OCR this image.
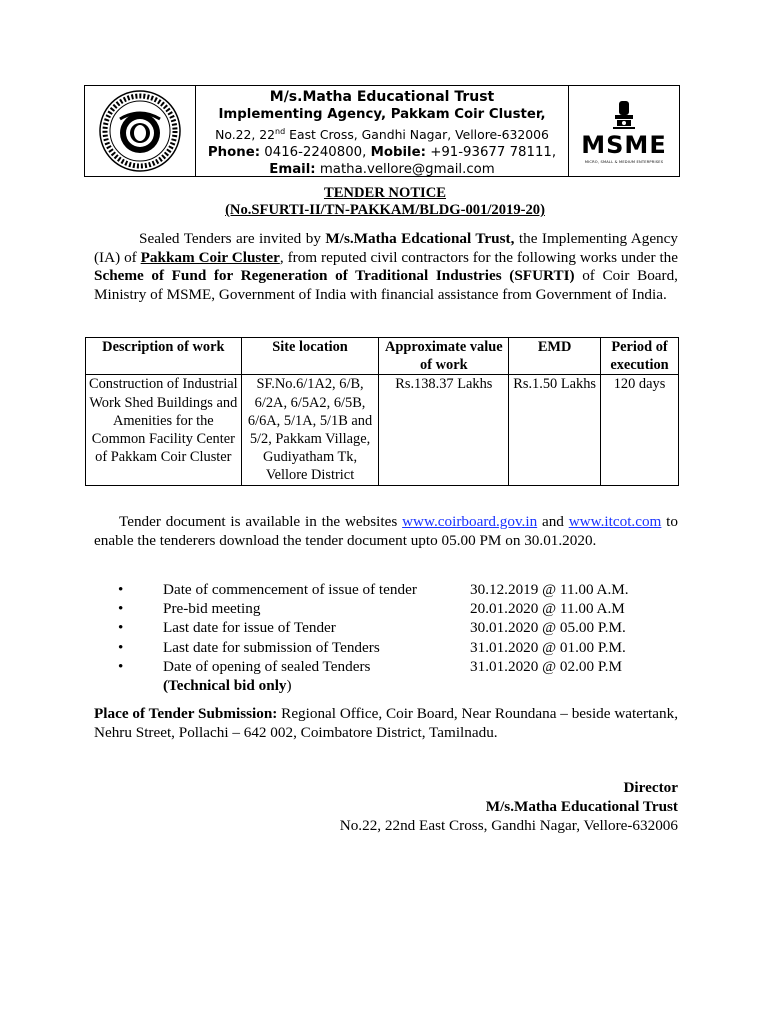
M/s.Matha Educational Trust
Implementing Agency, Pakkam Coir Cluster,
No.22, 22nd East Cross, Gandhi Nagar, Vellore-632006
Phone: 0416-2240800, Mobile: +91-93677 78111,
Email: matha.vellore@gmail.com
MSME
MICRO, SMALL & MEDIUM ENTERPRISES
TENDER NOTICE
(No.SFURTI-II/TN-PAKKAM/BLDG-001/2019-20)
Sealed Tenders are invited by M/s.Matha Edcational Trust, the Implementing Agency (IA) of Pakkam Coir Cluster, from reputed civil contractors for the following works under the Scheme of Fund for Regeneration of Traditional Industries (SFURTI) of Coir Board, Ministry of MSME, Government of India with financial assistance from Government of India.
Description of work	Site location	Approximate value of work	EMD	Period of execution
Construction of Industrial Work Shed Buildings and Amenities for the Common Facility Center of Pakkam Coir Cluster	SF.No.6/1A2, 6/B, 6/2A, 6/5A2, 6/5B, 6/6A, 5/1A, 5/1B and 5/2, Pakkam Village, Gudiyatham Tk, Vellore District	Rs.138.37 Lakhs	Rs.1.50 Lakhs	120 days
Tender document is available in the websites www.coirboard.gov.in and www.itcot.com to enable the tenderers download the tender document upto 05.00 PM on 30.01.2020.
•	Date of commencement of issue of tender	30.12.2019 @ 11.00 A.M.
•	Pre-bid meeting	20.01.2020 @ 11.00 A.M
•	Last date for issue of Tender	30.01.2020 @ 05.00 P.M.
•	Last date for submission of Tenders	31.01.2020 @ 01.00 P.M.
•	Date of opening of sealed Tenders	31.01.2020 @ 02.00 P.M
(Technical bid only )
Place of Tender Submission: Regional Office, Coir Board, Near Roundana – beside watertank, Nehru Street, Pollachi – 642 002, Coimbatore District, Tamilnadu.
Director
M/s.Matha Educational Trust
No.22, 22nd East Cross, Gandhi Nagar, Vellore-632006
